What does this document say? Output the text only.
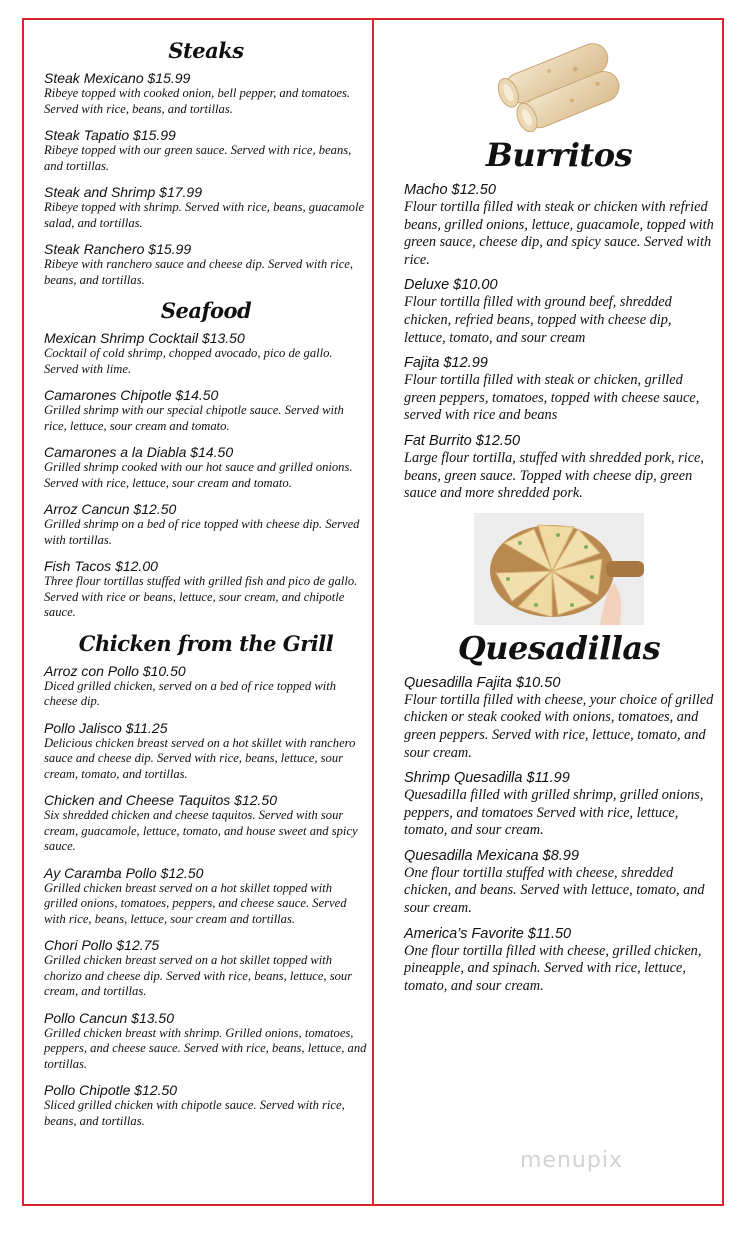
Steaks
Steak Mexicano $15.99
Ribeye topped with cooked onion, bell pepper, and tomatoes. Served with rice, beans, and tortillas.
Steak Tapatio $15.99
Ribeye topped with our green sauce. Served with rice, beans, and tortillas.
Steak and Shrimp $17.99
Ribeye topped with shrimp. Served with rice, beans, guacamole salad, and tortillas.
Steak Ranchero $15.99
Ribeye with ranchero sauce and cheese dip. Served with rice, beans, and tortillas.
Seafood
Mexican Shrimp Cocktail $13.50
Cocktail of cold shrimp, chopped avocado, pico de gallo. Served with lime.
Camarones Chipotle $14.50
Grilled shrimp with our special chipotle sauce. Served with rice, lettuce, sour cream and tomato.
Camarones a la Diabla $14.50
Grilled shrimp cooked with our hot sauce and grilled onions. Served with rice, lettuce, sour cream and tomato.
Arroz Cancun $12.50
Grilled shrimp on a bed of rice topped with cheese dip. Served with tortillas.
Fish Tacos $12.00
Three flour tortillas stuffed with grilled fish and pico de gallo. Served with rice or beans, lettuce, sour cream, and chipotle sauce.
Chicken from the Grill
Arroz con Pollo $10.50
Diced grilled chicken, served on a bed of rice topped with cheese dip.
Pollo Jalisco $11.25
Delicious chicken breast served on a hot skillet with ranchero sauce and cheese dip. Served with rice, beans, lettuce, sour cream, tomato, and tortillas.
Chicken and Cheese Taquitos $12.50
Six shredded chicken and cheese taquitos. Served with sour cream, guacamole, lettuce, tomato, and house sweet and spicy sauce.
Ay Caramba Pollo $12.50
Grilled chicken breast served on a hot skillet topped with grilled onions, tomatoes, peppers, and cheese sauce. Served with rice, beans, lettuce, sour cream and tortillas.
Chori Pollo $12.75
Grilled chicken breast served on a hot skillet topped with chorizo and cheese dip. Served with rice, beans, lettuce, sour cream, and tortillas.
Pollo Cancun $13.50
Grilled chicken breast with shrimp. Grilled onions, tomatoes, peppers, and cheese sauce. Served with rice, beans, lettuce, and tortillas.
Pollo Chipotle $12.50
Sliced grilled chicken with chipotle sauce. Served with rice, beans, and tortillas.
Burritos
Macho $12.50
Flour tortilla filled with steak or chicken with refried beans, grilled onions, lettuce, guacamole, topped with green sauce, cheese dip, and spicy sauce. Served with rice.
Deluxe $10.00
Flour tortilla filled with ground beef, shredded chicken, refried beans, topped with cheese dip, lettuce, tomato, and sour cream
Fajita $12.99
Flour tortilla filled with steak or chicken, grilled green peppers, tomatoes, topped with cheese sauce, served with rice and beans
Fat Burrito $12.50
Large flour tortilla, stuffed with shredded pork, rice, beans, green sauce. Topped with cheese dip, green sauce and more shredded pork.
Quesadillas
Quesadilla Fajita $10.50
Flour tortilla filled with cheese, your choice of grilled chicken or steak cooked with onions, tomatoes, and green peppers. Served with rice, lettuce, tomato, and sour cream.
Shrimp Quesadilla $11.99
Quesadilla filled with grilled shrimp, grilled onions, peppers, and tomatoes Served with rice, lettuce, tomato, and sour cream.
Quesadilla Mexicana $8.99
One flour tortilla stuffed with cheese, shredded chicken, and beans. Served with lettuce, tomato, and sour cream.
America’s Favorite $11.50
One flour tortilla filled with cheese, grilled chicken, pineapple, and spinach. Served with rice, lettuce, tomato, and sour cream.
menupix
